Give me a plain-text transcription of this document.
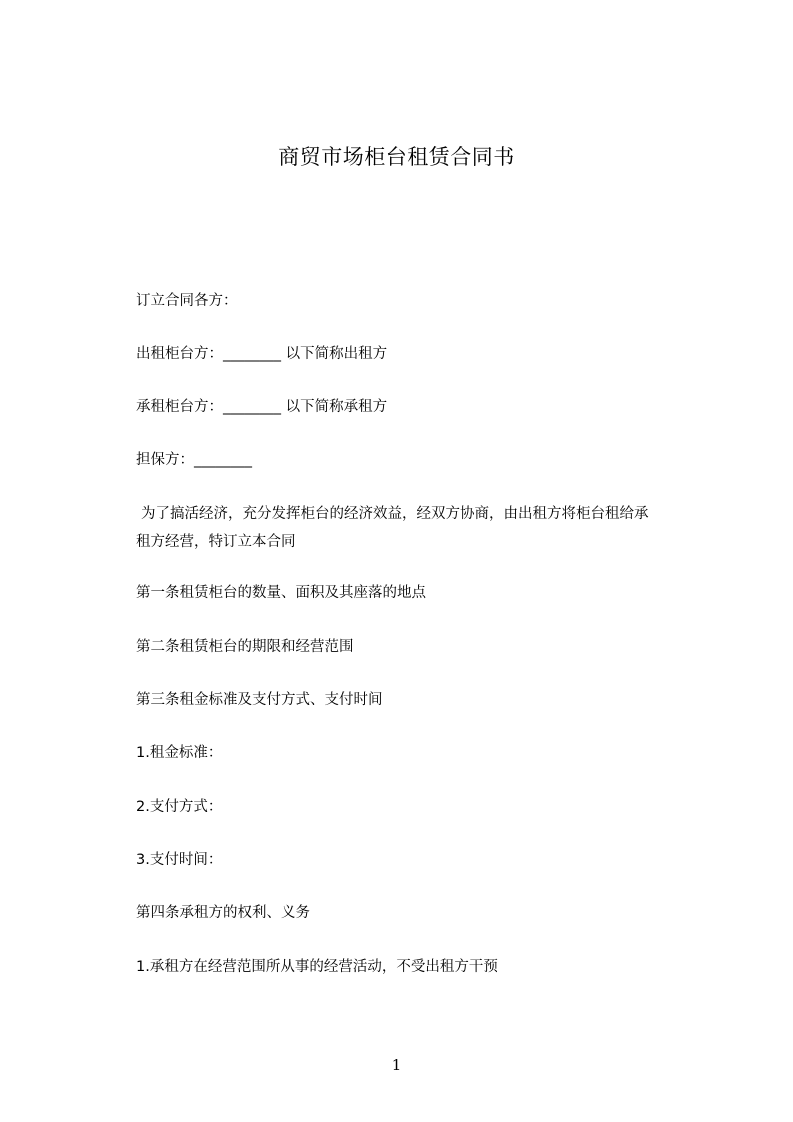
商贸市场柜台租赁合同书
订立合同各方：
出租柜台方：________ 以下简称出租方
承租柜台方：________ 以下简称承租方
担保方：________
为了搞活经济，充分发挥柜台的经济效益，经双方协商，由出租方将柜台租给承
租方经营，特订立本合同
第一条租赁柜台的数量、面积及其座落的地点
第二条租赁柜台的期限和经营范围
第三条租金标准及支付方式、支付时间
1.租金标准：
2.支付方式：
3.支付时间：
第四条承租方的权利、义务
1.承租方在经营范围所从事的经营活动，不受出租方干预
1
